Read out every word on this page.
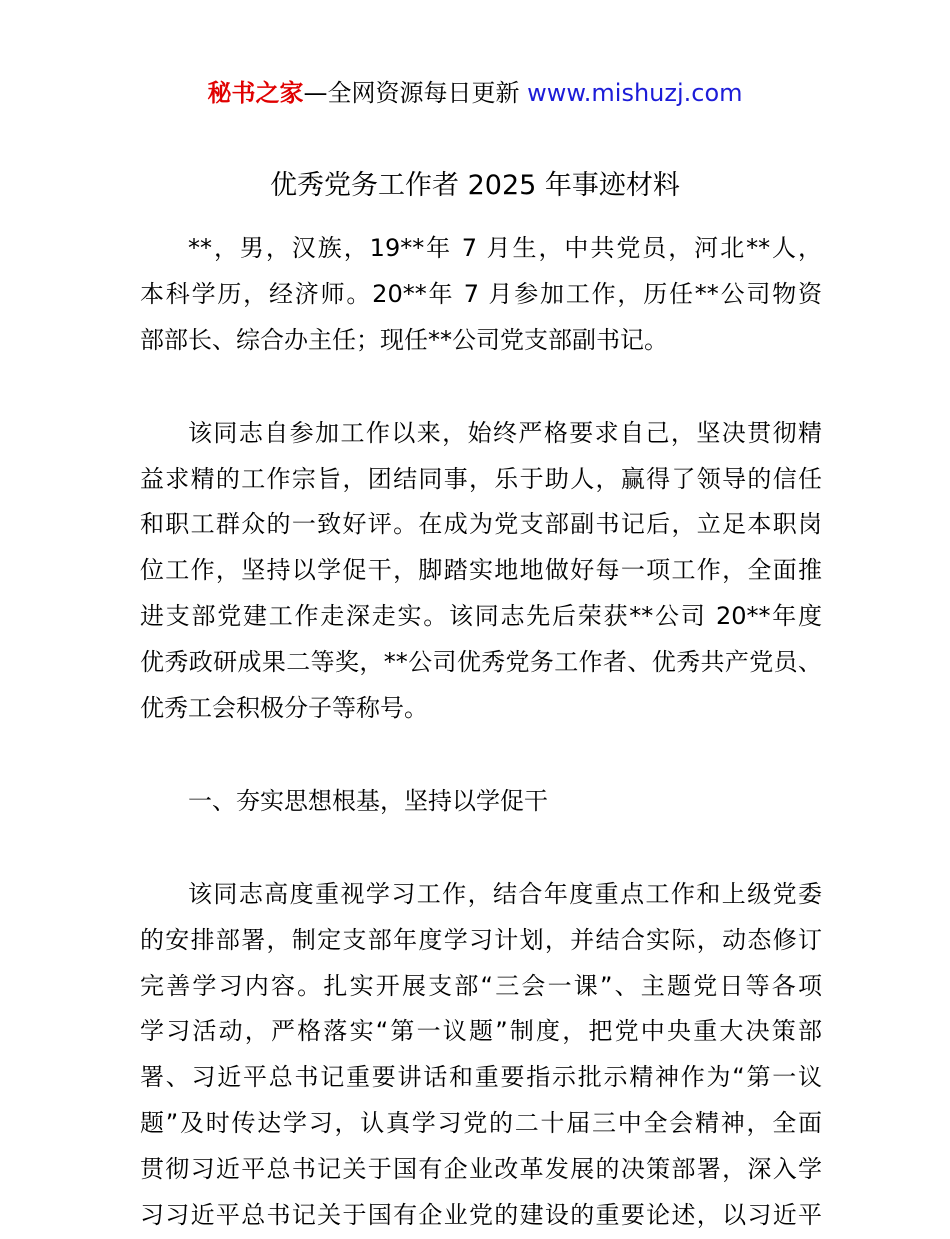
秘书之家—全网资源每日更新 www.mishuzj.com
优秀党务工作者 2025 年事迹材料
**，男，汉族，19**年 7 月生，中共党员，河北**人，
本科学历，经济师。20**年 7 月参加工作，历任**公司物资
部部长、综合办主任；现任**公司党支部副书记。
该同志自参加工作以来，始终严格要求自己，坚决贯彻精
益求精的工作宗旨，团结同事，乐于助人，赢得了领导的信任
和职工群众的一致好评。在成为党支部副书记后，立足本职岗
位工作，坚持以学促干，脚踏实地地做好每一项工作，全面推
进支部党建工作走深走实。该同志先后荣获**公司 20**年度
优秀政研成果二等奖，**公司优秀党务工作者、优秀共产党员、
优秀工会积极分子等称号。
一、夯实思想根基，坚持以学促干
该同志高度重视学习工作，结合年度重点工作和上级党委
的安排部署，制定支部年度学习计划，并结合实际，动态修订
完善学习内容。扎实开展支部“三会一课”、主题党日等各项
学习活动，严格落实“第一议题”制度，把党中央重大决策部
署、习近平总书记重要讲话和重要指示批示精神作为“第一议
题”及时传达学习，认真学习党的二十届三中全会精神，全面
贯彻习近平总书记关于国有企业改革发展的决策部署，深入学
习习近平总书记关于国有企业党的建设的重要论述，以习近平
